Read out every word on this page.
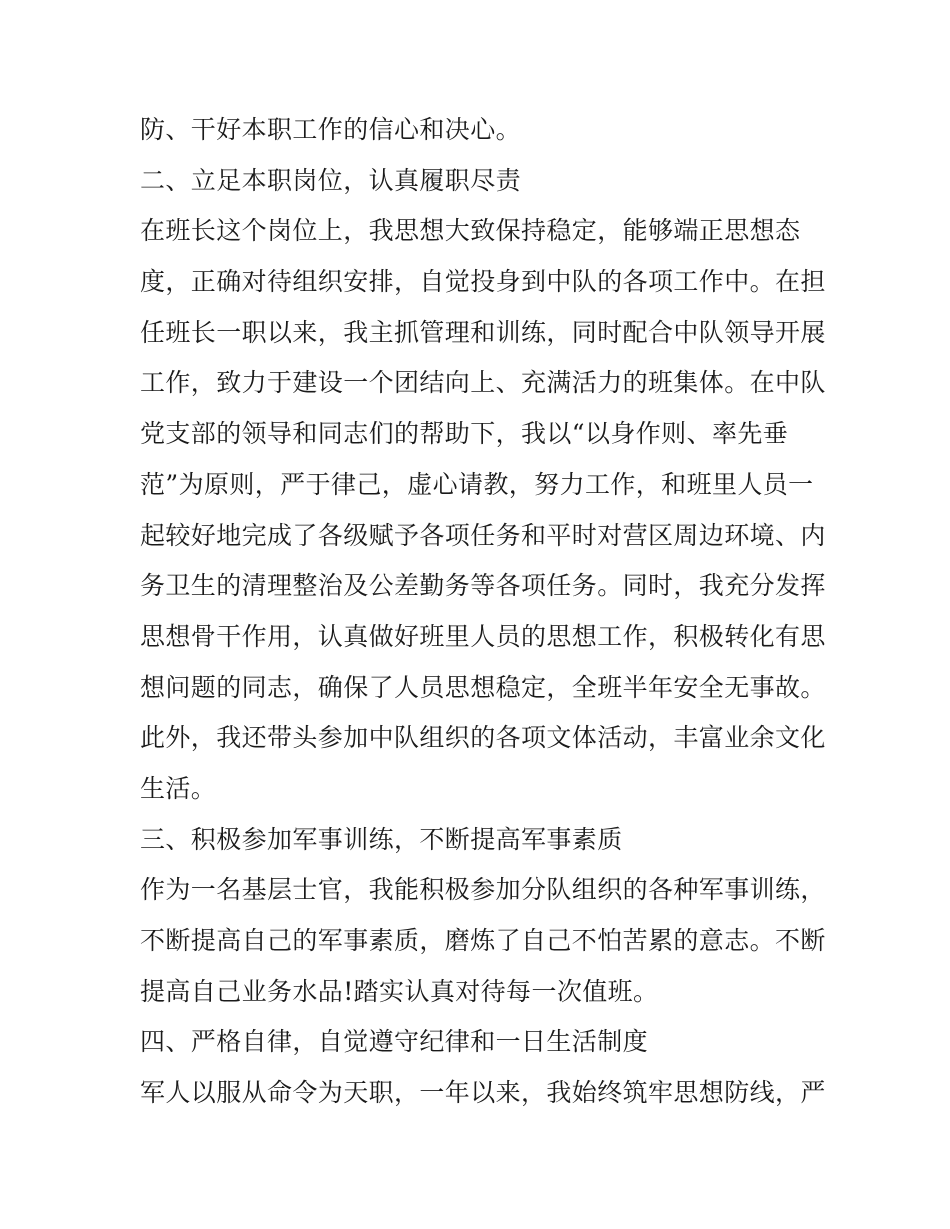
防、干好本职工作的信心和决心。
二、立足本职岗位，认真履职尽责
在班长这个岗位上，我思想大致保持稳定，能够端正思想态
度，正确对待组织安排，自觉投身到中队的各项工作中。在担
任班长一职以来，我主抓管理和训练，同时配合中队领导开展
工作，致力于建设一个团结向上、充满活力的班集体。在中队
党支部的领导和同志们的帮助下，我以“以身作则、率先垂
范”为原则，严于律己，虚心请教，努力工作，和班里人员一
起较好地完成了各级赋予各项任务和平时对营区周边环境、内
务卫生的清理整治及公差勤务等各项任务。同时，我充分发挥
思想骨干作用，认真做好班里人员的思想工作，积极转化有思
想问题的同志，确保了人员思想稳定，全班半年安全无事故。
此外，我还带头参加中队组织的各项文体活动，丰富业余文化
生活。
三、积极参加军事训练，不断提高军事素质
作为一名基层士官，我能积极参加分队组织的各种军事训练，
不断提高自己的军事素质，磨炼了自己不怕苦累的意志。不断
提高自己业务水品!踏实认真对待每一次值班。
四、严格自律，自觉遵守纪律和一日生活制度
军人以服从命令为天职，一年以来，我始终筑牢思想防线，严
